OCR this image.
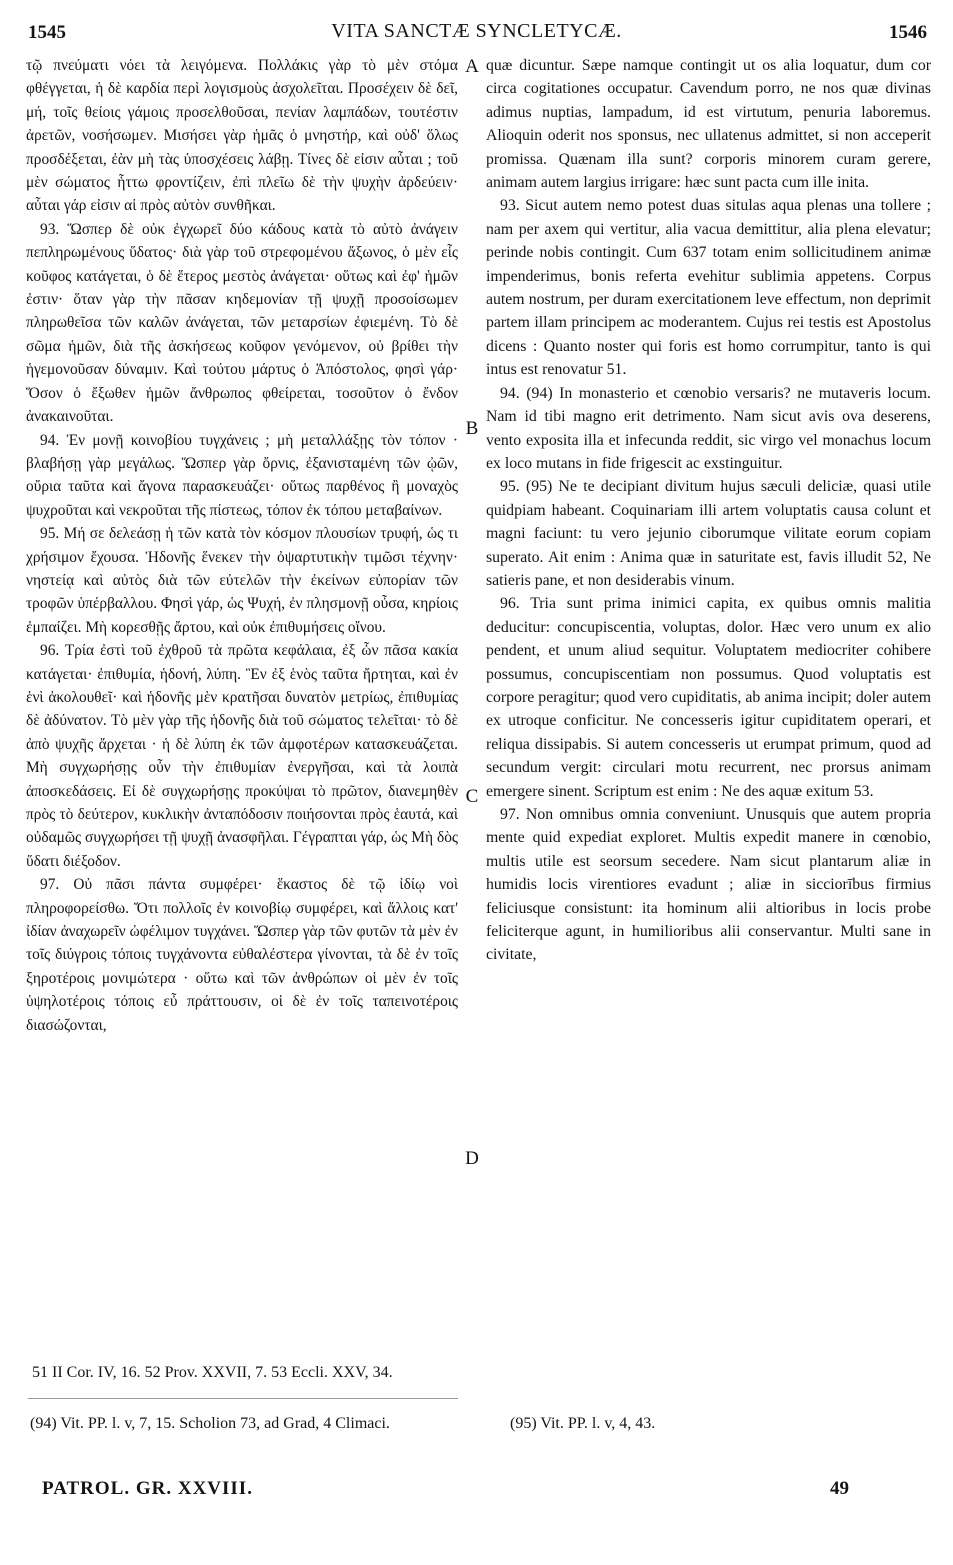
1545	VITA SANCTÆ SYNCLETYCÆ.	1546

τῷ πνεύματι νόει τὰ λειγόμενα. Πολλάκις γὰρ τὸ μὲν στόμα φθέγγεται, ἡ δὲ καρδία περὶ λογισμοὺς ἀσχολεῖται. Προσέχειν δὲ δεῖ, μή, τοῖς θείοις γάμοις προσελθοῦσαι, πενίαν λαμπάδων, τουτέστιν ἀρετῶν, νοσήσωμεν. Μισήσει γὰρ ἡμᾶς ὁ μνηστήρ, καὶ οὐδ' ὅλως προσδέξεται, ἐὰν μὴ τὰς ὑποσχέσεις λάβῃ. Τίνες δὲ εἰσιν αὗται ; τοῦ μὲν σώματος ἧττω φροντίζειν, ἐπὶ πλεῖω δὲ τὴν ψυχὴν ἀρδεύειν· αὗται γάρ εἰσιν αἱ πρὸς αὐτὸν συνθῆκαι.

93. Ὥσπερ δὲ οὐκ ἐγχωρεῖ δύο κάδους κατὰ τὸ αὐτὸ ἀνάγειν πεπληρωμένους ὕδατος· διὰ γὰρ τοῦ στρεφομένου ἄξωνος, ὁ μὲν εἷς κοῦφος κατάγεται, ὁ δὲ ἕτερος μεστὸς ἀνάγεται· οὕτως καὶ ἐφ' ἡμῶν ἐστιν· ὅταν γὰρ τὴν πᾶσαν κηδεμονίαν τῇ ψυχῇ προσοίσωμεν πληρωθεῖσα τῶν καλῶν ἀνάγεται, τῶν μεταρσίων ἐφιεμένη. Τὸ δὲ σῶμα ἡμῶν, διὰ τῆς ἀσκήσεως κοῦφον γενόμενον, οὐ βρίθει τὴν ἡγεμονοῦσαν δύναμιν. Καὶ τούτου μάρτυς ὁ Ἀπόστολος, φησὶ γάρ· Ὅσον ὁ ἔξωθεν ἡμῶν ἄνθρωπος φθείρεται, τοσοῦτον ὁ ἔνδον ἀνακαινοῦται.

94. Ἐν μονῇ κοινοβίου τυγχάνεις ; μὴ μεταλλάξῃς τὸν τόπον · βλαβήσῃ γὰρ μεγάλως. Ὥσπερ γὰρ ὄρνις, ἐξανισταμένη τῶν ᾠῶν, οὔρια ταῦτα καὶ ἄγονα παρασκευάζει· οὕτως παρθένος ἢ μοναχὸς ψυχροῦται καὶ νεκροῦται τῆς πίστεως, τόπον ἐκ τόπου μεταβαίνων.

95. Μή σε δελεάσῃ ἡ τῶν κατὰ τὸν κόσμον πλουσίων τρυφή, ὡς τι χρήσιμον ἔχουσα. Ἡδονῆς ἕνεκεν τὴν ὀψαρτυτικὴν τιμῶσι τέχνην· νηστείᾳ καὶ αὐτὸς διὰ τῶν εὐτελῶν τὴν ἐκείνων εὐπορίαν τῶν τροφῶν ὑπέρβαλλου. Φησὶ γάρ, ὡς Ψυχή, ἐν πλησμονῇ οὖσα, κηρίοις ἐμπαίζει. Μὴ κορεσθῇς ἄρτου, καὶ οὐκ ἐπιθυμήσεις οἴνου.

96. Τρία ἐστὶ τοῦ ἐχθροῦ τὰ πρῶτα κεφάλαια, ἐξ ὧν πᾶσα κακία κατάγεται· ἐπιθυμία, ἡδονή, λύπη. Ἓν ἐξ ἑνὸς ταῦτα ἤρτηται, καὶ ἐν ἑνὶ ἀκολουθεῖ· καὶ ἡδονῆς μὲν κρατῆσαι δυνατὸν μετρίως, ἐπιθυμίας δὲ ἀδύνατον. Τὸ μὲν γὰρ τῆς ἡδονῆς διὰ τοῦ σώματος τελεῖται· τὸ δὲ ἀπὸ ψυχῆς ἄρχεται · ἡ δὲ λύπη ἐκ τῶν ἀμφοτέρων κατασκευάζεται. Μὴ συγχωρήσῃς οὖν τὴν ἐπιθυμίαν ἐνεργῆσαι, καὶ τὰ λοιπὰ ἀποσκεδάσεις. Εἰ δὲ συγχωρήσῃς προκύψαι τὸ πρῶτον, διανεμηθὲν πρὸς τὸ δεύτερον, κυκλικὴν ἀνταπόδοσιν ποιήσονται πρὸς ἑαυτά, καὶ οὐδαμῶς συγχωρήσει τῇ ψυχῇ ἀνασφῆλαι. Γέγραπται γάρ, ὡς Μὴ δὸς ὕδατι διέξοδον.

97. Οὐ πᾶσι πάντα συμφέρει· ἕκαστος δὲ τῷ ἰδίῳ νοὶ πληροφορείσθω. Ὅτι πολλοῖς ἐν κοινοβίῳ συμφέρει, καὶ ἄλλοις κατ' ἰδίαν ἀναχωρεῖν ὠφέλιμον τυγχάνει. Ὥσπερ γὰρ τῶν φυτῶν τὰ μὲν ἐν τοῖς διύγροις τόποις τυγχάνοντα εὐθαλέστερα γίνονται, τὰ δὲ ἐν τοῖς ξηροτέροις μονιμώτερα · οὕτω καὶ τῶν ἀνθρώπων οἱ μὲν ἐν τοῖς ὑψηλοτέροις τόποις εὖ πράττουσιν, οἱ δὲ ἐν τοῖς ταπεινοτέροις διασώζονται,

A
B
C
D

quæ dicuntur. Sæpe namque contingit ut os alia loquatur, dum cor circa cogitationes occupatur. Cavendum porro, ne nos quæ divinas adimus nuptias, lampadum, id est virtutum, penuria laboremus. Alioquin oderit nos sponsus, nec ullatenus admittet, si non acceperit promissa. Quænam illa sunt? corporis minorem curam gerere, animam autem largius irrigare: hæc sunt pacta cum ille inita.

93. Sicut autem nemo potest duas situlas aqua plenas una tollere ; nam per axem qui vertitur, alia vacua demittitur, alia plena elevatur; perinde nobis contingit. Cum 637 totam enim sollicitudinem animæ impenderimus, bonis referta evehitur sublimia appetens. Corpus autem nostrum, per duram exercitationem leve effectum, non deprimit partem illam principem ac moderantem. Cujus rei testis est Apostolus dicens : Quanto noster qui foris est homo corrumpitur, tanto is qui intus est renovatur 51.

94. (94) In monasterio et cœnobio versaris? ne mutaveris locum. Nam id tibi magno erit detrimento. Nam sicut avis ova deserens, vento exposita illa et infecunda reddit, sic virgo vel monachus locum ex loco mutans in fide frigescit ac exstinguitur.

95. (95) Ne te decipiant divitum hujus sæculi deliciæ, quasi utile quidpiam habeant. Coquinariam illi artem voluptatis causa colunt et magni faciunt: tu vero jejunio ciborumque vilitate eorum copiam superato. Ait enim : Anima quæ in saturitate est, favis illudit 52, Ne satieris pane, et non desiderabis vinum.

96. Tria sunt prima inimici capita, ex quibus omnis malitia deducitur: concupiscentia, voluptas, dolor. Hæc vero unum ex alio pendent, et unum aliud sequitur. Voluptatem mediocriter cohibere possumus, concupiscentiam non possumus. Quod voluptatis est corpore peragitur; quod vero cupiditatis, ab anima incipit; doler autem ex utroque conficitur. Ne concesseris igitur cupiditatem operari, et reliqua dissipabis. Si autem concesseris ut erumpat primum, quod ad secundum vergit: circulari motu recurrent, nec prorsus animam emergere sinent. Scriptum est enim : Ne des aquæ exitum 53.

97. Non omnibus omnia conveniunt. Unusquis que autem propria mente quid expediat exploret. Multis expedit manere in cœnobio, multis utile est seorsum secedere. Nam sicut plantarum aliæ in humidis locis virentiores evadunt ; aliæ in sicciorībus firmius feliciusque consistunt: ita hominum alii altioribus in locis probe feliciterque agunt, in humilioribus alii conservantur. Multi sane in civitate,

51 II Cor. IV, 16. 52 Prov. XXVII, 7. 53 Eccli. XXV, 34.
(94) Vit. PP. l. v, 7, 15. Scholion 73, ad Grad, 4 Climaci.	(95) Vit. PP. l. v, 4, 43.
PATROL. GR. XXVIII.	49
